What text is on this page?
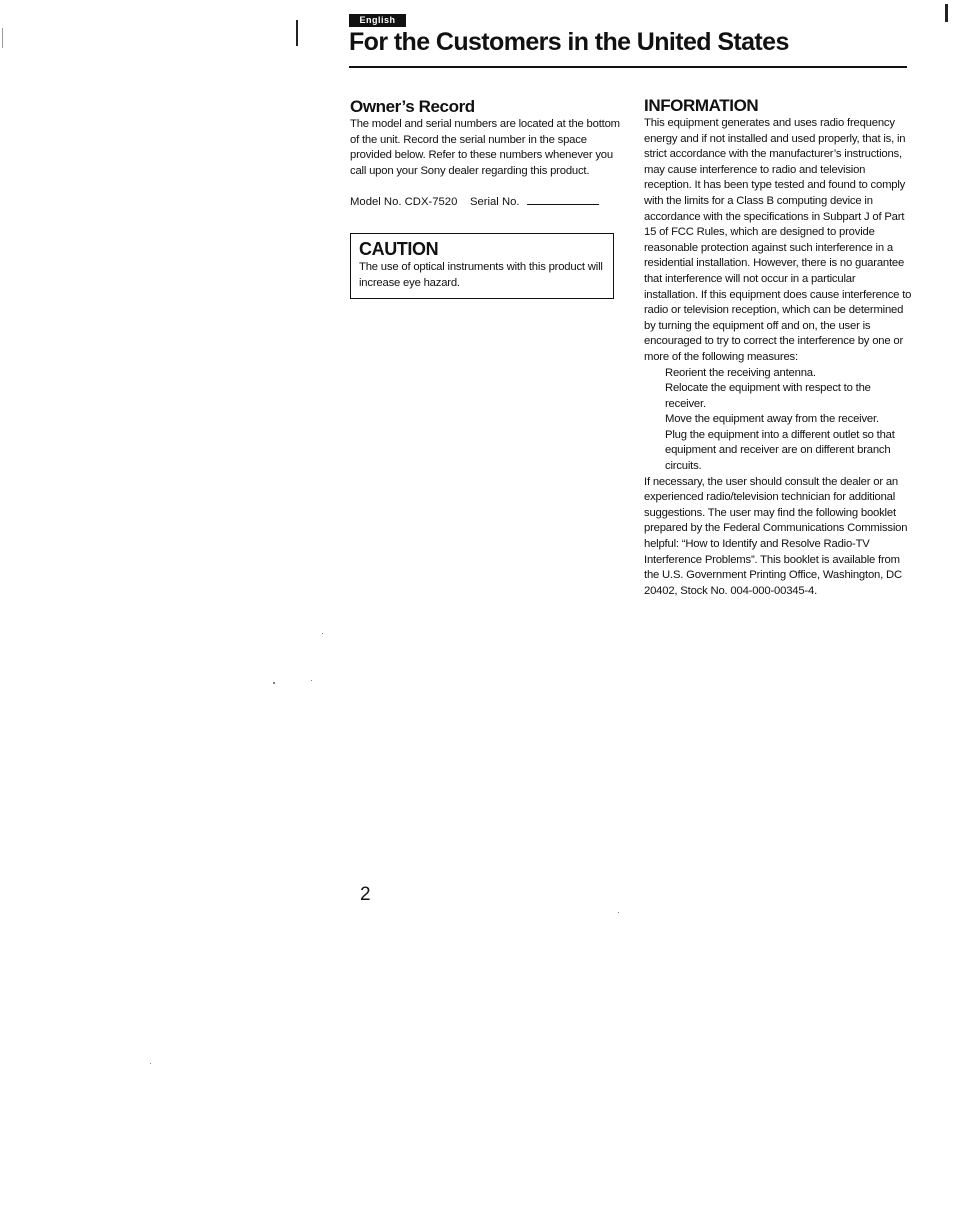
English
For the Customers in the United States
Owner’s Record

The model and serial numbers are located at the bottom of the unit. Record the serial number in the space provided below. Refer to these numbers whenever you call upon your Sony dealer regarding this product.

Model No. CDX-7520 Serial No.
CAUTION

The use of optical instruments with this product will increase eye hazard.

INFORMATION

This equipment generates and uses radio frequency energy and if not installed and used properly, that is, in strict accordance with the manufacturer’s instructions, may cause interference to radio and television reception. It has been type tested and found to comply with the limits for a Class B computing device in accordance with the specifications in Subpart J of Part 15 of FCC Rules, which are designed to provide reasonable protection against such interference in a residential installation. However, there is no guarantee that interference will not occur in a particular installation. If this equipment does cause interference to radio or television reception, which can be determined by turning the equipment off and on, the user is encouraged to try to correct the interference by one or more of the following measures:

Reorient the receiving antenna.
Relocate the equipment with respect to the receiver.
Move the equipment away from the receiver.
Plug the equipment into a different outlet so that equipment and receiver are on different branch circuits.

If necessary, the user should consult the dealer or an experienced radio/television technician for additional suggestions. The user may find the following booklet prepared by the Federal Communications Commission helpful: “How to Identify and Resolve Radio-TV Interference Problems”. This booklet is available from the U.S. Government Printing Office, Washington, DC 20402, Stock No. 004-000-00345-4.

2
